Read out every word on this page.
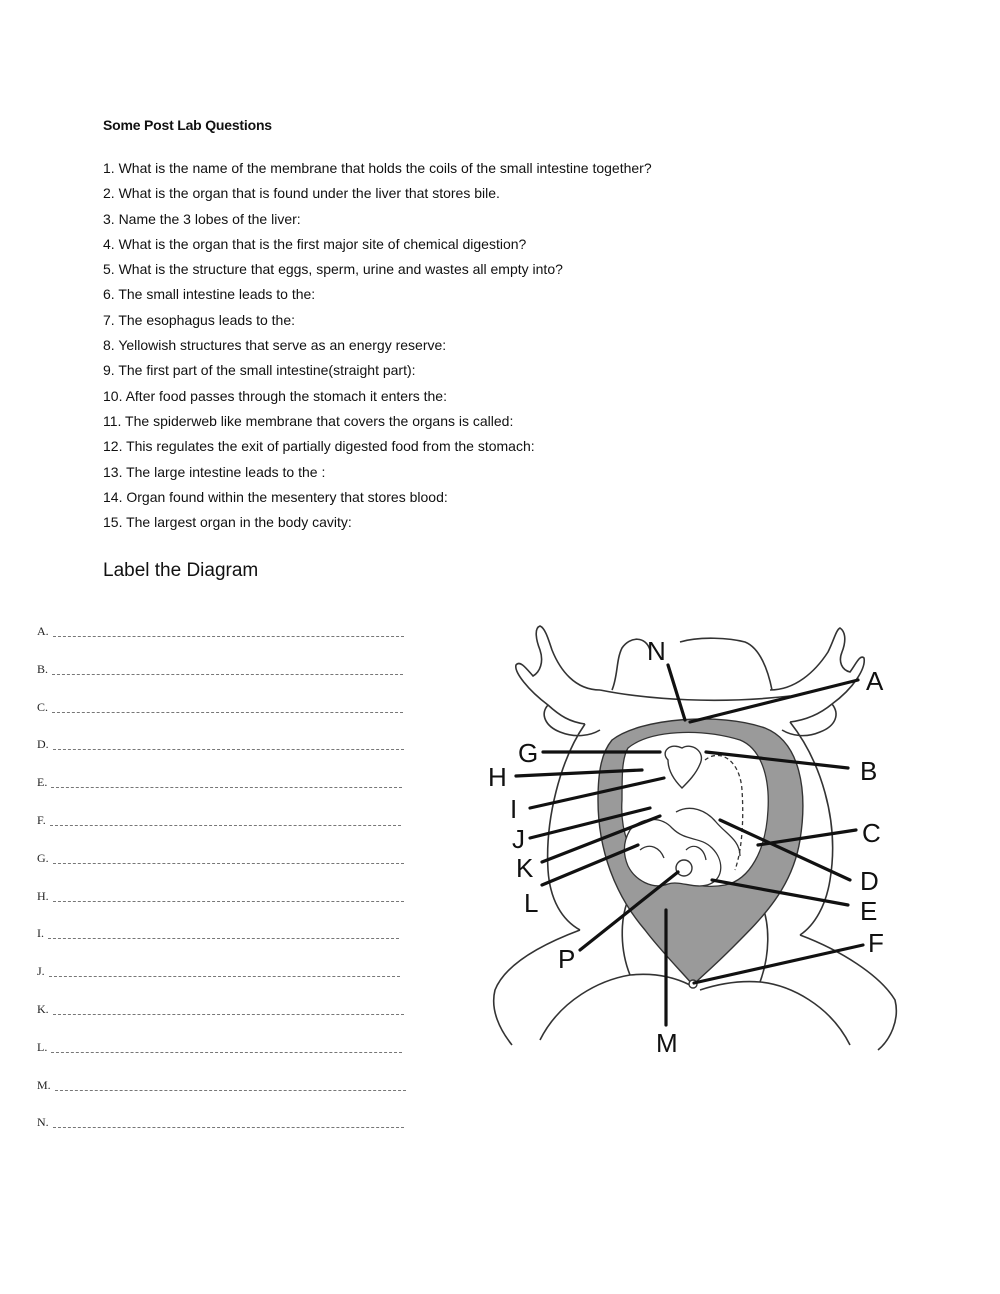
Some Post Lab Questions
1. What is the name of the membrane that holds the coils of the small intestine together?
2. What is the organ that is found under the liver that stores bile.
3. Name the 3 lobes of the liver:
4. What is the organ that is the first major site of chemical digestion?
5. What is the structure that eggs, sperm, urine and wastes all empty into?
6. The small intestine leads to the:
7. The esophagus leads to the:
8. Yellowish structures that serve as an energy reserve:
9. The first part of the small intestine(straight part):
10. After food passes through the stomach it enters the:
11. The spiderweb like membrane that covers the organs is called:
12. This regulates the exit of partially digested food from the stomach:
13. The large intestine leads to the :
14. Organ found within the mesentery that stores blood:
15. The largest organ in the body cavity:
Label the Diagram
A.
B.
C.
D.
E.
F.
G.
H.
I.
J.
K.
L.
M.
N.
N
A
G
B
H
I
J	C
K	D
L	E
F
P
M
